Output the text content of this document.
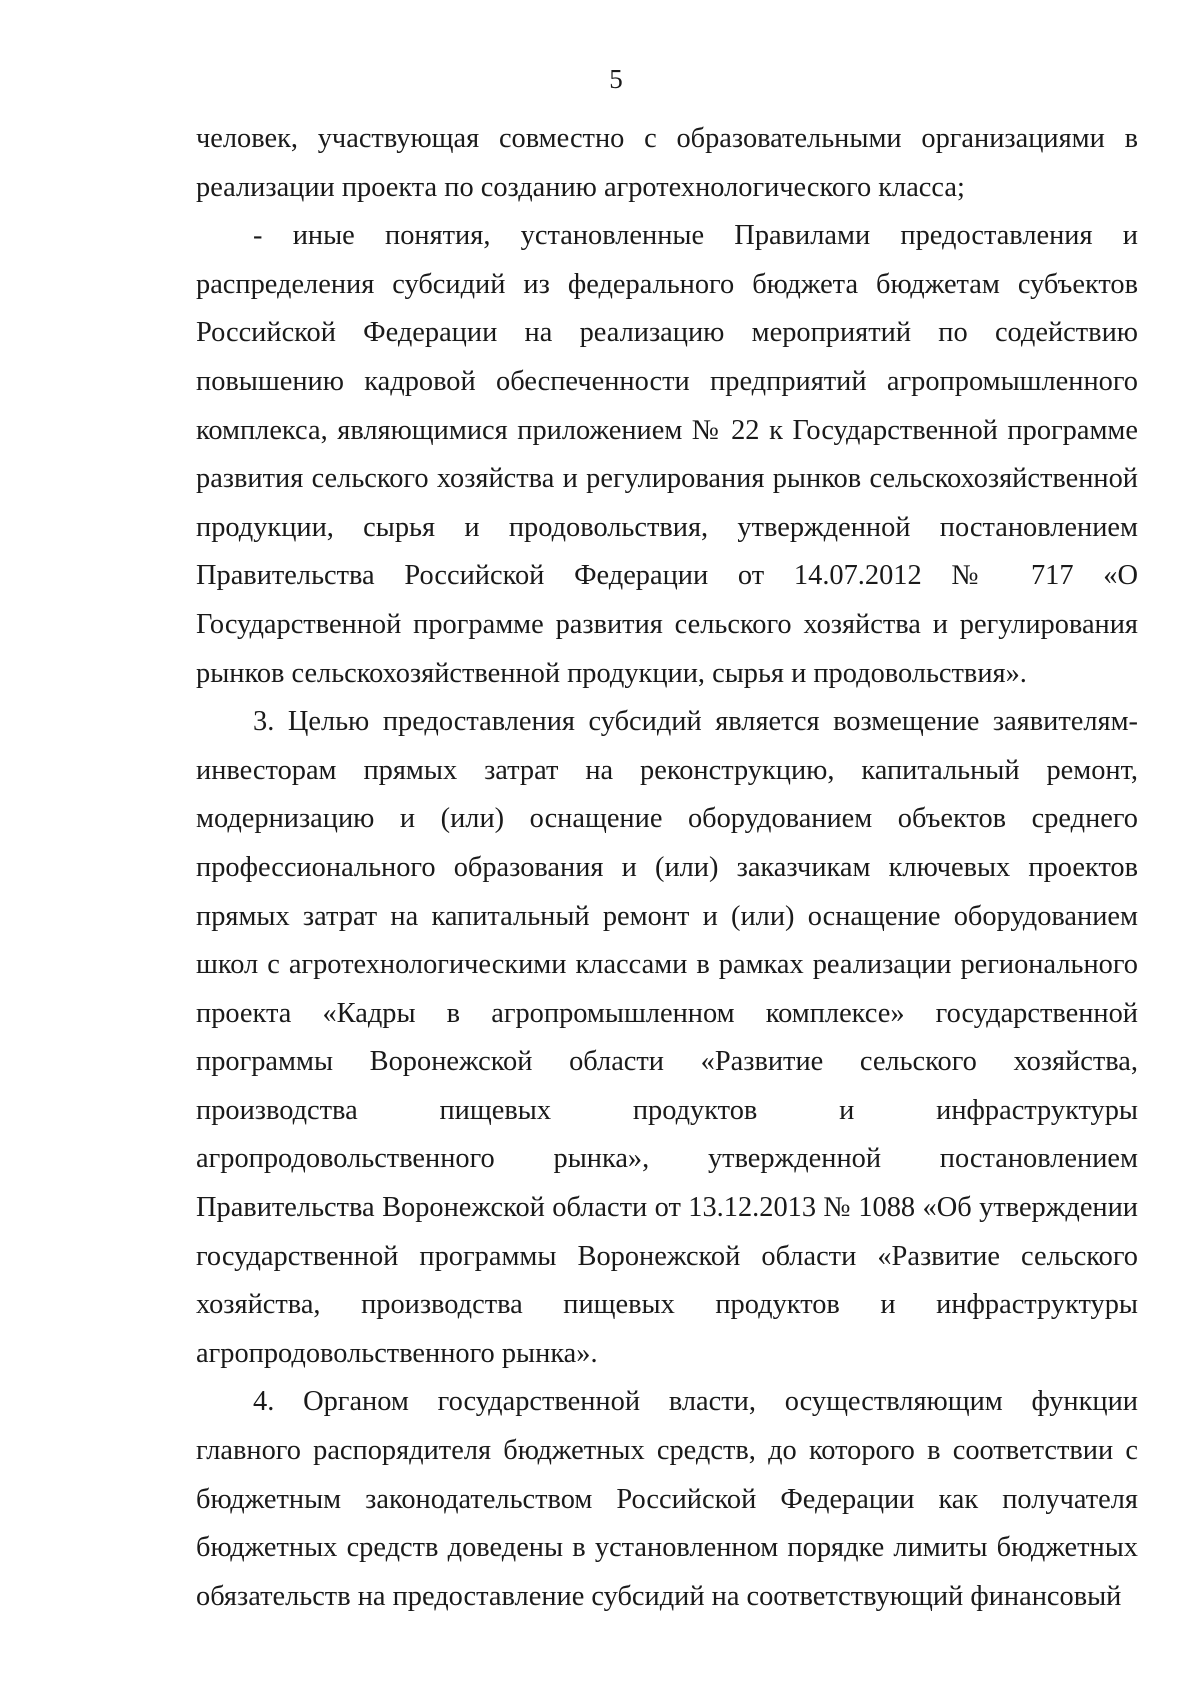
5

человек, участвующая совместно с образовательными организациями в реализации проекта по созданию агротехнологического класса;

- иные понятия, установленные Правилами предоставления и распределения субсидий из федерального бюджета бюджетам субъектов Российской Федерации на реализацию мероприятий по содействию повышению кадровой обеспеченности предприятий агропромышленного комплекса, являющимися приложением № 22 к Государственной программе развития сельского хозяйства и регулирования рынков сельскохозяйственной продукции, сырья и продовольствия, утвержденной постановлением Правительства Российской Федерации от 14.07.2012 № 717 «О Государственной программе развития сельского хозяйства и регулирования рынков сельскохозяйственной продукции, сырья и продовольствия».

3. Целью предоставления субсидий является возмещение заявителям-инвесторам прямых затрат на реконструкцию, капитальный ремонт, модернизацию и (или) оснащение оборудованием объектов среднего профессионального образования и (или) заказчикам ключевых проектов прямых затрат на капитальный ремонт и (или) оснащение оборудованием школ с агротехнологическими классами в рамках реализации регионального проекта «Кадры в агропромышленном комплексе» государственной программы Воронежской области «Развитие сельского хозяйства, производства пищевых продуктов и инфраструктуры агропродовольственного рынка», утвержденной постановлением Правительства Воронежской области от 13.12.2013 № 1088 «Об утверждении государственной программы Воронежской области «Развитие сельского хозяйства, производства пищевых продуктов и инфраструктуры агропродовольственного рынка».

4. Органом государственной власти, осуществляющим функции главного распорядителя бюджетных средств, до которого в соответствии с бюджетным законодательством Российской Федерации как получателя бюджетных средств доведены в установленном порядке лимиты бюджетных обязательств на предоставление субсидий на соответствующий финансовый
